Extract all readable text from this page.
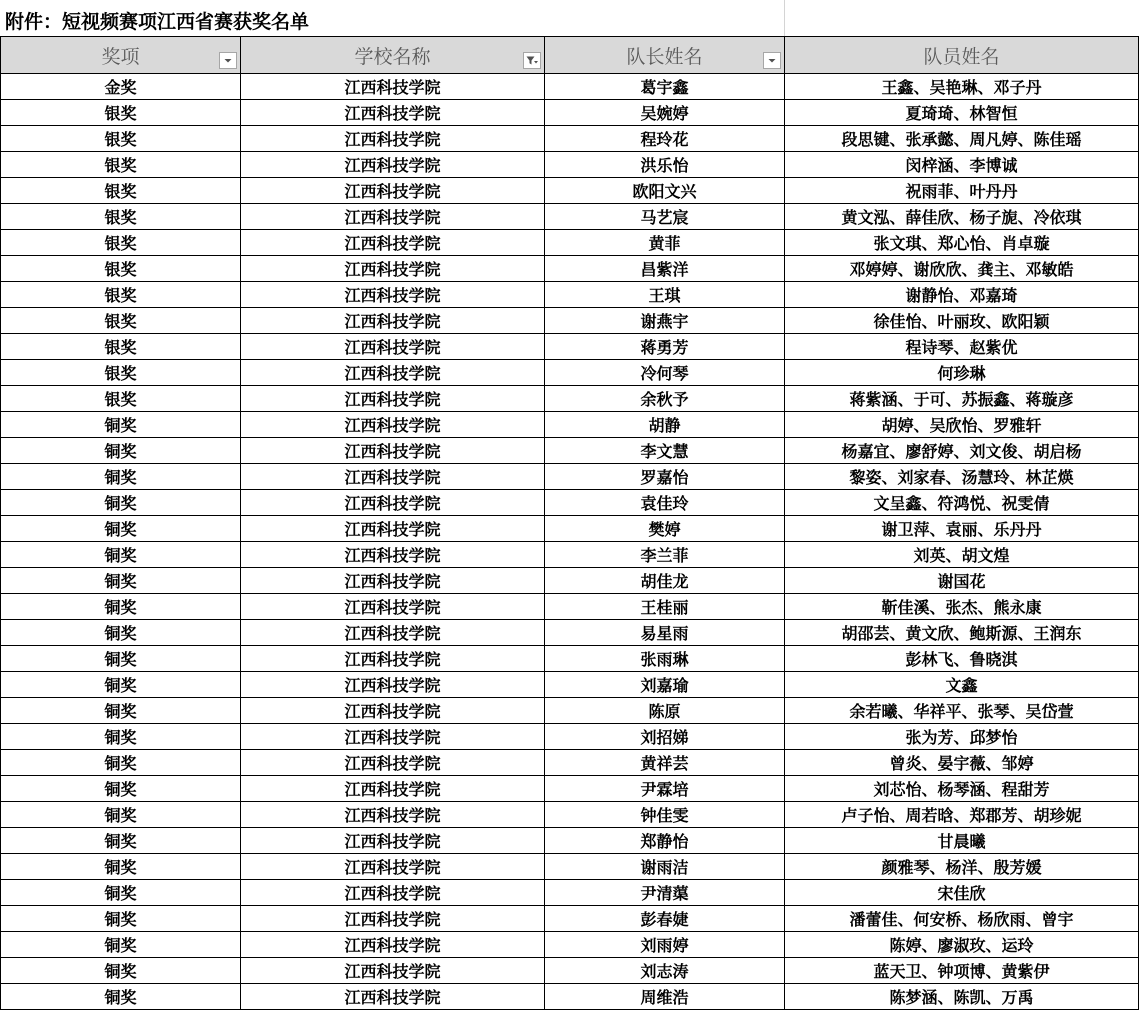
附件：短视频赛项江西省赛获奖名单
奖项	学校名称	队长姓名	队员姓名
金奖	江西科技学院	葛宇鑫	王鑫、吴艳琳、邓子丹
银奖	江西科技学院	吴婉婷	夏琦琦、林智恒
银奖	江西科技学院	程玲花	段思键、张承懿、周凡婷、陈佳瑶
银奖	江西科技学院	洪乐怡	闵梓涵、李博诚
银奖	江西科技学院	欧阳文兴	祝雨菲、叶丹丹
银奖	江西科技学院	马艺宸	黄文泓、薛佳欣、杨子旎、冷依琪
银奖	江西科技学院	黄菲	张文琪、郑心怡、肖卓璇
银奖	江西科技学院	昌紫洋	邓婷婷、谢欣欣、龚主、邓敏皓
银奖	江西科技学院	王琪	谢静怡、邓嘉琦
银奖	江西科技学院	谢燕宇	徐佳怡、叶丽玫、欧阳颖
银奖	江西科技学院	蒋勇芳	程诗琴、赵紫优
银奖	江西科技学院	冷何琴	何珍琳
银奖	江西科技学院	余秋予	蒋紫涵、于可、苏振鑫、蒋璇彦
铜奖	江西科技学院	胡静	胡婷、吴欣怡、罗雅轩
铜奖	江西科技学院	李文慧	杨嘉宜、廖舒婷、刘文俊、胡启杨
铜奖	江西科技学院	罗嘉怡	黎姿、刘家春、汤慧玲、林芷煐
铜奖	江西科技学院	袁佳玲	文呈鑫、符鸿悦、祝雯倩
铜奖	江西科技学院	樊婷	谢卫萍、袁丽、乐丹丹
铜奖	江西科技学院	李兰菲	刘英、胡文煌
铜奖	江西科技学院	胡佳龙	谢国花
铜奖	江西科技学院	王桂丽	靳佳溪、张杰、熊永康
铜奖	江西科技学院	易星雨	胡邵芸、黄文欣、鲍斯源、王润东
铜奖	江西科技学院	张雨琳	彭林飞、鲁晓淇
铜奖	江西科技学院	刘嘉瑜	文鑫
铜奖	江西科技学院	陈原	余若曦、华祥平、张琴、吴岱萱
铜奖	江西科技学院	刘招娣	张为芳、邱梦怡
铜奖	江西科技学院	黄祥芸	曾炎、晏宇薇、邹婷
铜奖	江西科技学院	尹霖培	刘芯怡、杨琴涵、程甜芳
铜奖	江西科技学院	钟佳雯	卢子怡、周若晗、郑郡芳、胡珍妮
铜奖	江西科技学院	郑静怡	甘晨曦
铜奖	江西科技学院	谢雨洁	颜雅琴、杨洋、殷芳媛
铜奖	江西科技学院	尹清蕖	宋佳欣
铜奖	江西科技学院	彭春婕	潘蕾佳、何安桥、杨欣雨、曾宇
铜奖	江西科技学院	刘雨婷	陈婷、廖淑玫、运玲
铜奖	江西科技学院	刘志涛	蓝天卫、钟项博、黄紫伊
铜奖	江西科技学院	周维浩	陈梦涵、陈凯、万禹
